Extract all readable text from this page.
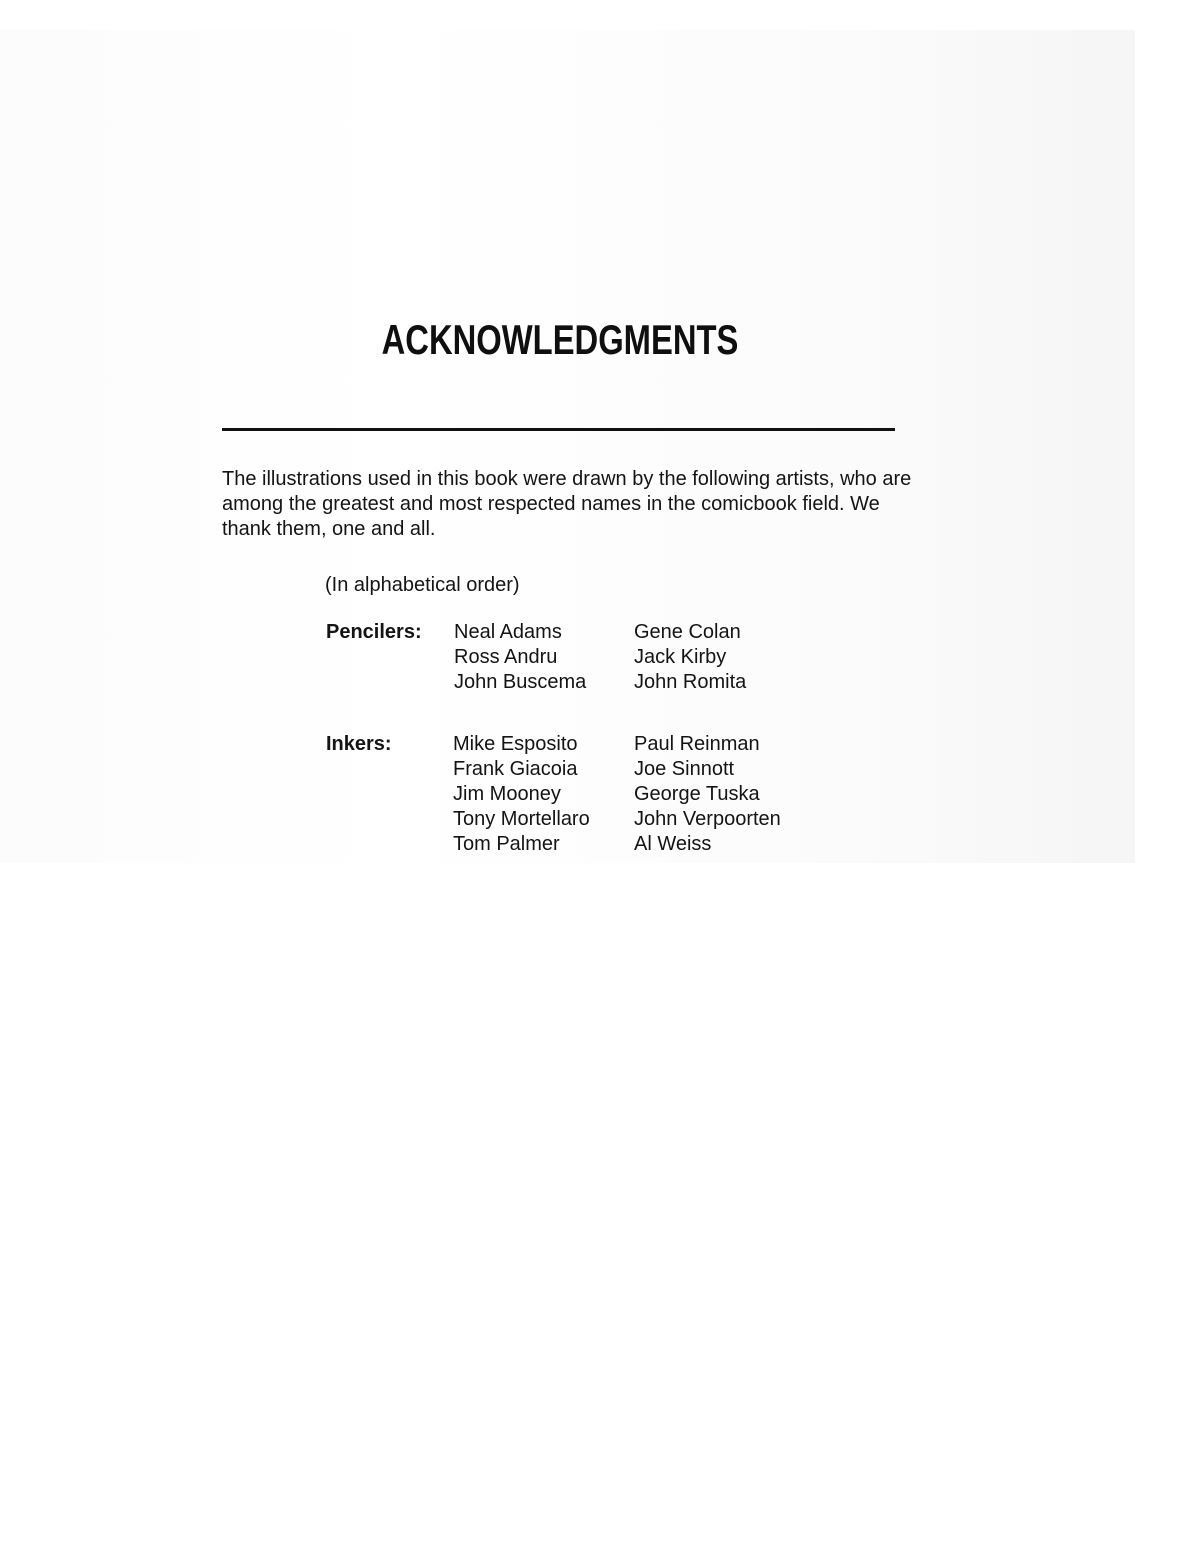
ACKNOWLEDGMENTS
The illustrations used in this book were drawn by the following artists, who are among the greatest and most respected names in the comicbook field. We thank them, one and all.
(In alphabetical order)
Pencilers: Neal Adams
Ross Andru
John Buscema
Gene Colan
Jack Kirby
John Romita
Inkers:	Mike Esposito
Frank Giacoia
Jim Mooney
Tony Mortellaro
Tom Palmer
Paul Reinman
Joe Sinnott
George Tuska
John Verpoorten
Al Weiss
